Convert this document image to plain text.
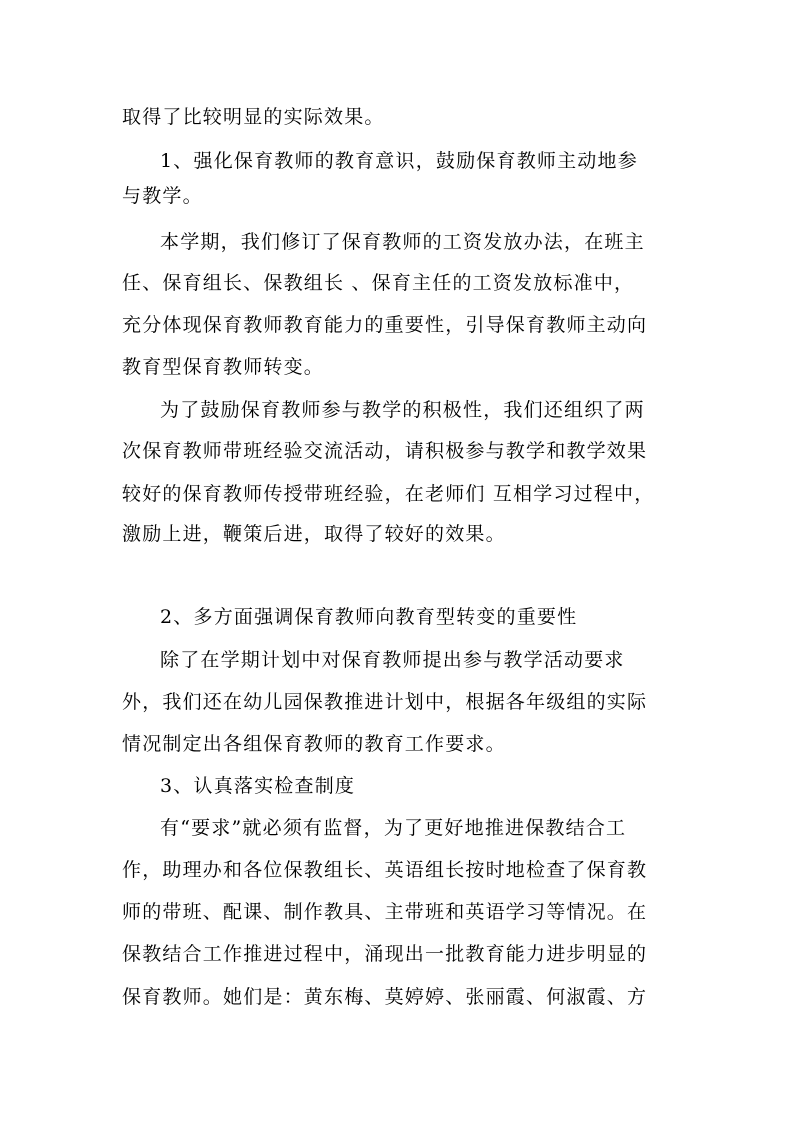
取得了比较明显的实际效果。
1、强化保育教师的教育意识，鼓励保育教师主动地参
与教学。
本学期，我们修订了保育教师的工资发放办法，在班主
任、保育组长、保教组长 、保育主任的工资发放标准中，
充分体现保育教师教育能力的重要性，引导保育教师主动向
教育型保育教师转变。
为了鼓励保育教师参与教学的积极性，我们还组织了两
次保育教师带班经验交流活动，请积极参与教学和教学效果
较好的保育教师传授带班经验，在老师们 互相学习过程中，
激励上进，鞭策后进，取得了较好的效果。
2、多方面强调保育教师向教育型转变的重要性
除了在学期计划中对保育教师提出参与教学活动要求
外，我们还在幼儿园保教推进计划中，根据各年级组的实际
情况制定出各组保育教师的教育工作要求。
3、认真落实检查制度
有“要求”就必须有监督，为了更好地推进保教结合工
作，助理办和各位保教组长、英语组长按时地检查了保育教
师的带班、配课、制作教具、主带班和英语学习等情况。在
保教结合工作推进过程中，涌现出一批教育能力进步明显的
保育教师。她们是：黄东梅、莫婷婷、张丽霞、何淑霞、方
